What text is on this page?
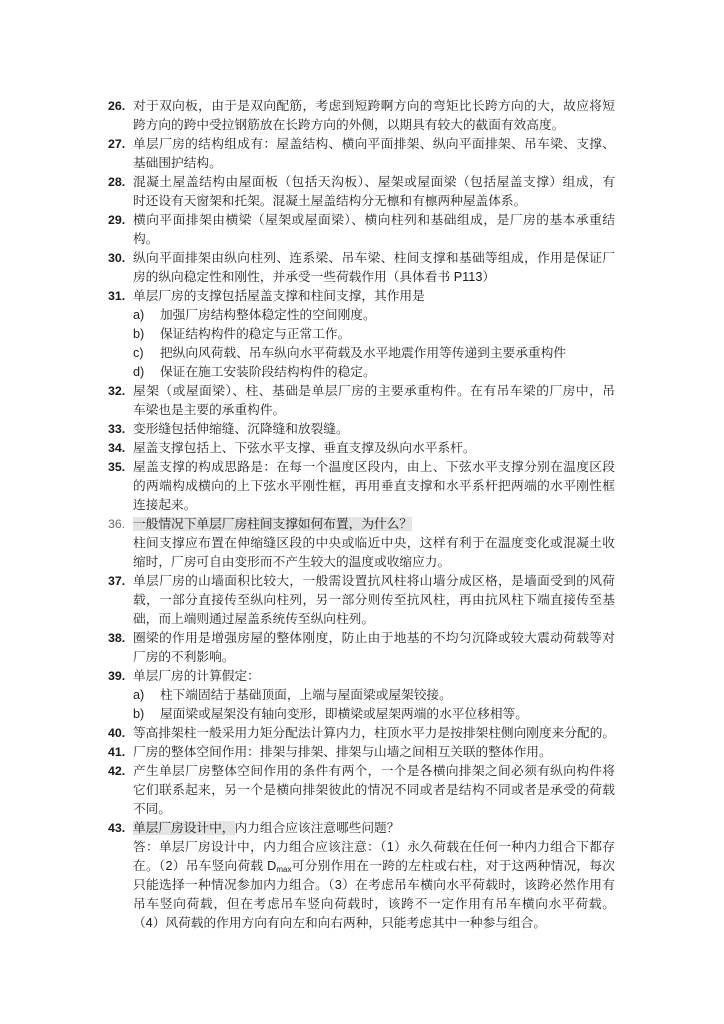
26. 对于双向板，由于是双向配筋，考虑到短跨啊方向的弯矩比长跨方向的大，故应将短
跨方向的跨中受拉钢筋放在长跨方向的外侧，以期具有较大的截面有效高度。
27. 单层厂房的结构组成有：屋盖结构、横向平面排架、纵向平面排架、吊车梁、支撑、
基础围护结构。
28. 混凝土屋盖结构由屋面板（包括天沟板）、屋架或屋面梁（包括屋盖支撑）组成，有
时还设有天窗架和托架。混凝土屋盖结构分无檩和有檩两种屋盖体系。
29. 横向平面排架由横梁（屋架或屋面梁）、横向柱列和基础组成，是厂房的基本承重结
构。
30. 纵向平面排架由纵向柱列、连系梁、吊车梁、柱间支撑和基础等组成，作用是保证厂
房的纵向稳定性和刚性，并承受一些荷载作用（具体看书 P113）
31. 单层厂房的支撑包括屋盖支撑和柱间支撑，其作用是
a)	加强厂房结构整体稳定性的空间刚度。
b)	保证结构构件的稳定与正常工作。
c)	把纵向风荷载、吊车纵向水平荷载及水平地震作用等传递到主要承重构件
d)	保证在施工安装阶段结构构件的稳定。
32. 屋架（或屋面梁）、柱、基础是单层厂房的主要承重构件。在有吊车梁的厂房中，吊
车梁也是主要的承重构件。
33. 变形缝包括伸缩缝、沉降缝和放裂缝。
34. 屋盖支撑包括上、下弦水平支撑、垂直支撑及纵向水平系杆。
35. 屋盖支撑的构成思路是：在每一个温度区段内，由上、下弦水平支撑分别在温度区段
的两端构成横向的上下弦水平刚性框，再用垂直支撑和水平系杆把两端的水平刚性框
连接起来。
36. 一般情况下单层厂房柱间支撑如何布置，为什么？
柱间支撑应布置在伸缩缝区段的中央或临近中央，这样有利于在温度变化或混凝土收
缩时，厂房可自由变形而不产生较大的温度或收缩应力。
37. 单层厂房的山墙面积比较大，一般需设置抗风柱将山墙分成区格，是墙面受到的风荷
载，一部分直接传至纵向柱列，另一部分则传至抗风柱，再由抗风柱下端直接传至基
础，而上端则通过屋盖系统传至纵向柱列。
38. 圈梁的作用是增强房屋的整体刚度，防止由于地基的不均匀沉降或较大震动荷载等对
厂房的不利影响。
39. 单层厂房的计算假定：
a)	柱下端固结于基础顶面，上端与屋面梁或屋架铰接。
b)	屋面梁或屋架没有轴向变形，即横梁或屋架两端的水平位移相等。
40. 等高排架柱一般采用力矩分配法计算内力，柱顶水平力是按排架柱侧向刚度来分配的。
41. 厂房的整体空间作用：排架与排架、排架与山墙之间相互关联的整体作用。
42. 产生单层厂房整体空间作用的条件有两个，一个是各横向排架之间必须有纵向构件将
它们联系起来，另一个是横向排架彼此的情况不同或者是结构不同或者是承受的荷载
不同。
43. 单层厂房设计中，内力组合应该注意哪些问题？
答：单层厂房设计中，内力组合应该注意：（1）永久荷载在任何一种内力组合下都存
在。（2）吊车竖向荷载 Dmax可分别作用在一跨的左柱或右柱，对于这两种情况，每次
只能选择一种情况参加内力组合。（3）在考虑吊车横向水平荷载时，该跨必然作用有
吊车竖向荷载，但在考虑吊车竖向荷载时，该跨不一定作用有吊车横向水平荷载。
（4）风荷载的作用方向有向左和向右两种，只能考虑其中一种参与组合。
